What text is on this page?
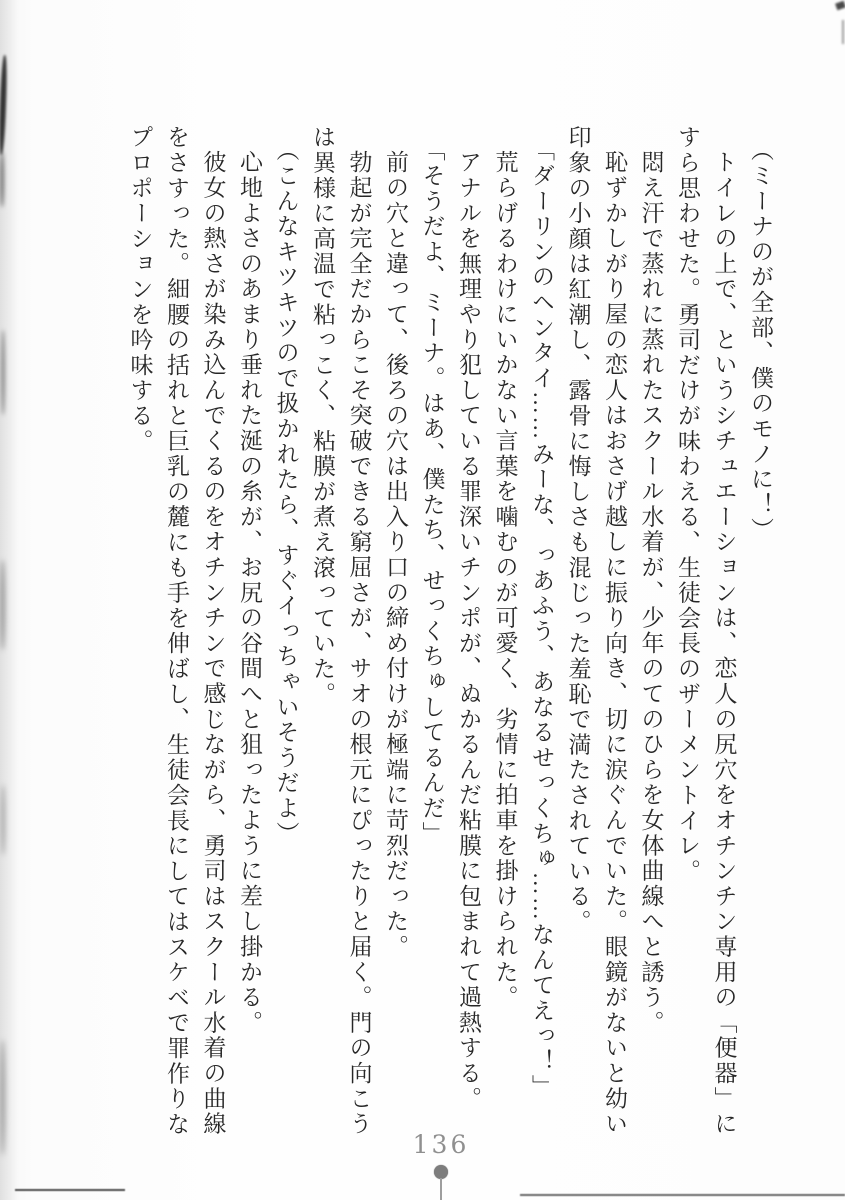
（ミーナのが全部、僕のモノに！）

トイレの上で、というシチュエーションは、恋人の尻穴をオチンチン専用の「便器」にすら思わせた。勇司だけが味わえる、生徒会長のザーメントイレ。

悶え汗で蒸れに蒸れたスクール水着が、少年のてのひらを女体曲線へと誘う。

恥ずかしがり屋の恋人はおさげ越しに振り向き、切に涙ぐんでいた。眼鏡がないと幼い印象の小顔は紅潮し、露骨に悔しさも混じった羞恥で満たされている。

「ダーリンのヘンタイ……みーな、っあふう、あなるせっくちゅ……なんてえっ！」

荒らげるわけにいかない言葉を噛むのが可愛く、劣情に拍車を掛けられた。

アナルを無理やり犯している罪深いチンポが、ぬかるんだ粘膜に包まれて過熱する。

「そうだよ、ミーナ。はあ、僕たち、せっくちゅしてるんだ」

前の穴と違って、後ろの穴は出入り口の締め付けが極端に苛烈だった。

勃起が完全だからこそ突破できる窮屈さが、サオの根元にぴったりと届く。門の向こうは異様に高温で粘っこく、粘膜が煮え滾っていた。

（こんなキツキツので扱かれたら、すぐイっちゃいそうだよ）

心地よさのあまり垂れた涎の糸が、お尻の谷間へと狙ったように差し掛かる。

彼女の熱さが染み込んでくるのをオチンチンで感じながら、勇司はスクール水着の曲線をさすった。細腰の括れと巨乳の麓にも手を伸ばし、生徒会長にしてはスケベで罪作りなプロポーションを吟味する。

136
